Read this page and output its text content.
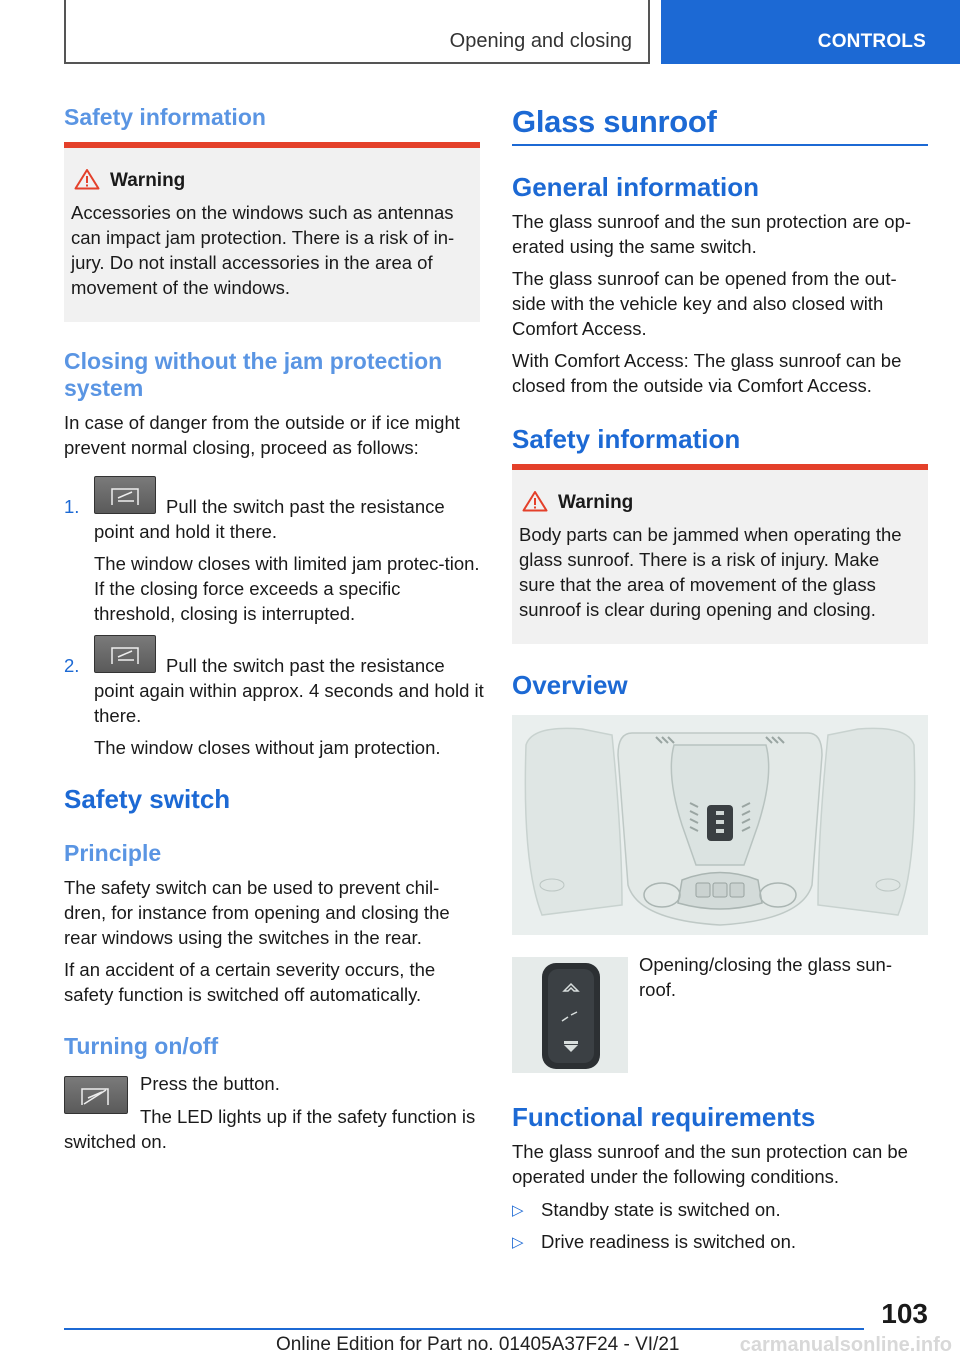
Opening and closing	CONTROLS
Safety information
Warning
Accessories on the windows such as antennas can impact jam protection. There is a risk of in-jury. Do not install accessories in the area of movement of the windows.
Closing without the jam protection system
In case of danger from the outside or if ice might prevent normal closing, proceed as follows:
1.	Pull the switch past the resistance point and hold it there.
The window closes with limited jam protec-tion. If the closing force exceeds a specific threshold, closing is interrupted.
2.	Pull the switch past the resistance point again within approx. 4 seconds and hold it there.
The window closes without jam protection.
Safety switch
Principle
The safety switch can be used to prevent chil-dren, for instance from opening and closing the rear windows using the switches in the rear.
If an accident of a certain severity occurs, the safety function is switched off automatically.
Turning on/off
Press the button.
The LED lights up if the safety function is switched on.
Glass sunroof
General information
The glass sunroof and the sun protection are op-erated using the same switch.
The glass sunroof can be opened from the out-side with the vehicle key and also closed with Comfort Access.
With Comfort Access: The glass sunroof can be closed from the outside via Comfort Access.
Safety information
Warning
Body parts can be jammed when operating the glass sunroof. There is a risk of injury. Make sure that the area of movement of the glass sunroof is clear during opening and closing.
Overview
Opening/closing the glass sun-roof.
Functional requirements
The glass sunroof and the sun protection can be operated under the following conditions.
▷ Standby state is switched on.
▷ Drive readiness is switched on.
103
Online Edition for Part no. 01405A37F24 - VI/21	carmanualsonline.info
